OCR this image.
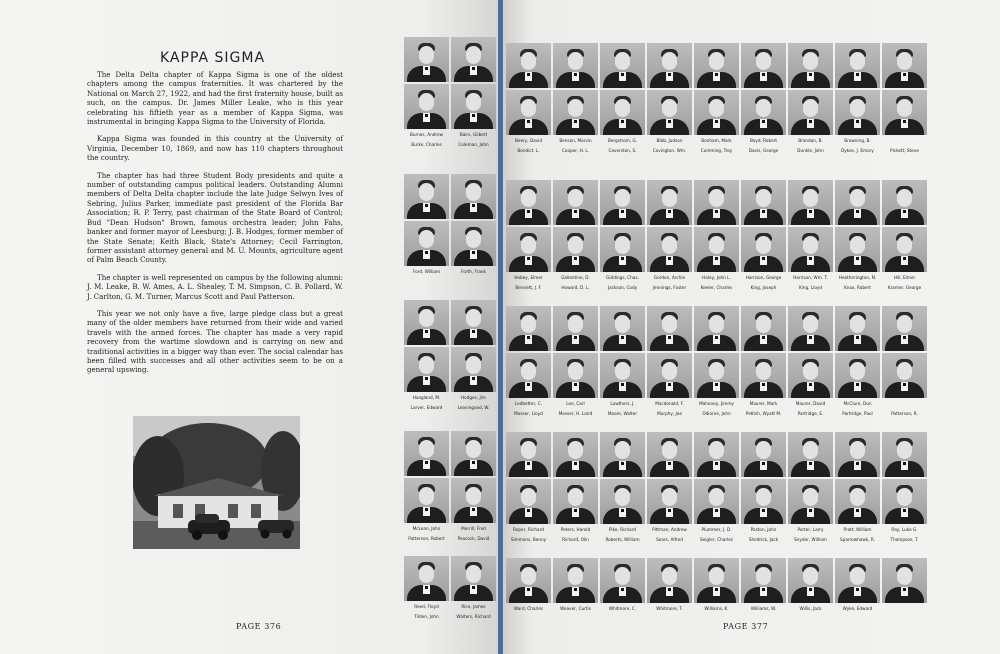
KAPPA SIGMA

The Delta Delta chapter of Kappa Sigma is one of the oldest chapters among the campus fraternities. It was chartered by the National on March 27, 1922, and had the first fraternity house, built as such, on the campus. Dr. James Miller Leake, who is this year celebrating his fiftieth year as a member of Kappa Sigma, was instrumental in bringing Kappa Sigma to the University of Florida.

Kappa Sigma was founded in this country at the University of Virginia, December 10, 1869, and now has 110 chapters throughout the country.

The chapter has had three Student Body presidents and quite a number of outstanding campus political leaders. Outstanding Alumni members of Delta Delta chapter include the late Judge Selwyn Ives of Sebring, Julius Parker, immediate past president of the Florida Bar Association; R. P. Terry, past chairman of the State Board of Control; Bud "Dean Hudson" Brown, famous orchestra leader; John Fahs, banker and former mayor of Leesburg; J. B. Hodges, former member of the State Senate; Keith Black, State's Attorney; Cecil Farrington, former assistant attorney general and M. U. Mounts, agriculture agent of Palm Beach County.

The chapter is well represented on campus by the following alumni: J. M. Leake, B. W. Ames, A. L. Shealey, T. M. Simpson, C. B. Pollard, W. J. Carlton, G. M. Turner, Marcus Scott and Paul Patterson.

This year we not only have a five, large pledge class but a great many of the older members have returned from their wide and varied travels with the armed forces. The chapter has made a very rapid recovery from the wartime slowdown and is carrying on new and traditional activities in a bigger way than ever. The social calendar has been filled with successes and all other activities seem to be on a general upswing.

PAGE 376	PAGE 377
Burnes, Andrew	Bairs, Gilbert
Burke, Charles	Coleman, John
Ford, William	Forth, Frank
Hoagland, M.	Hodges, Jim
Larver, Edward	Leavingood, W.
McLean, John	Merrill, Fred
Patterson, Robert	Peacock, David
Reed, Floyd	Rice, James
Tilden, John	Walters, Richard
Beery, David	Benson, Marvin	Bergstrom, G.	Bibb, Judson	Bonham, Mark	Boyd, Robert	Brandon, B.	Browning, B.
Bondict, L.	Cooper, H. L.	Coverston, S.	Covington, Wm.	Cumming, Troy	Davis, George	Dunkle, John	Dykes, J. Emory	Pickett, Steve
Hobey, Elmer	Gallentine, D.	Giddings, Chas.	Gordon, Archie	Haley, John L.	Harrison, George	Harrison, Wm. T.	Heatherington, N.	Hill, Elmer
Bennett, J. F.	Howard, D. L.	Jackson, Cody	Jennings, Foster	Keeler, Charles	King, Joseph	King, Lloyd	Knox, Robert	Kramer, George
Ledbetter, C.	Lee, Carl	Lowthers, J.	Macdonald, F.	Mahoney, Jimmy	Maurer, Mark	Maurer, David	McClure, Don
Mosser, Lloyd	Mosser, H. Laird	Moore, Walter	Murphy, Joe	Odiorne, John	Pettish, Wyatt M.	Partridge, E.	Partridge, Paul	Patterson, R.
Roper, Richard	Peters, Harold	Pike, Richard	Pittman, Andrew	Plummer, J. D.	Poston, John	Porter, Larry	Pratt, William	Ray, Luke G.
Simmons, Benny	Richard, Olin	Roberts, William	Sears, Alfred	Seigler, Charles	Shedrick, Jack	Snyder, William	Sparrowhawk, R.	Thompson, T.
Ward, Charles	Weaver, Curtis	Whitmore, C.	Whitmore, T.	Williams, K.	Williams, W.	Willis, Jack	Wyke, Edward
